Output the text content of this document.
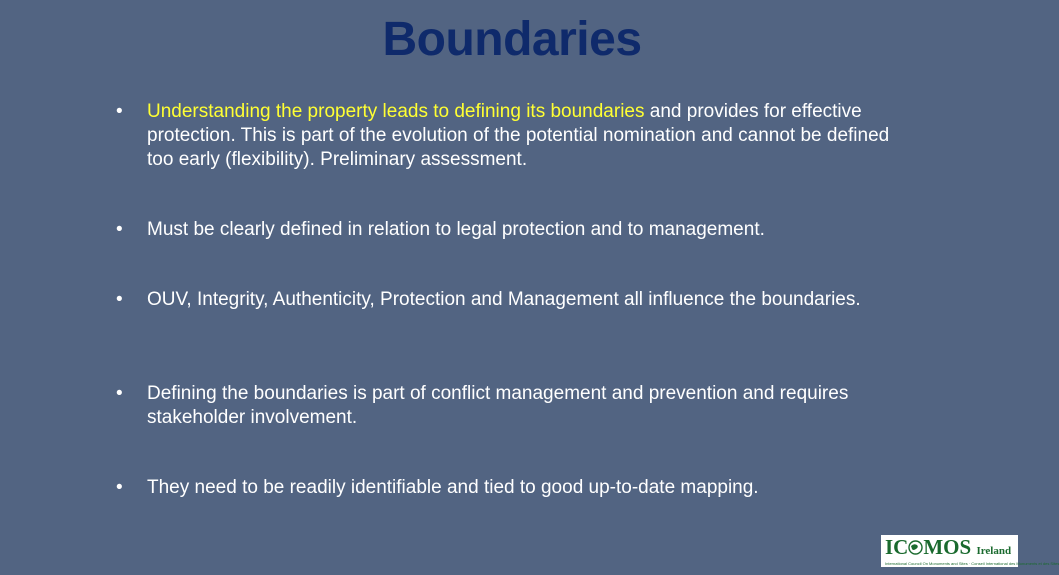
Boundaries
• Understanding the property leads to defining its boundaries and provides for effective protection. This is part of the evolution of the potential nomination and cannot be defined too early (flexibility). Preliminary assessment.
• Must be clearly defined in relation to legal protection and to management.
• OUV, Integrity, Authenticity, Protection and Management all influence the boundaries.
• Defining the boundaries is part of conflict management and prevention and requires stakeholder involvement.
• They need to be readily identifiable and tied to good up-to-date mapping.
IC MOS Ireland
International Council On Monuments and Sites · Conseil International des Monuments et des Sites
